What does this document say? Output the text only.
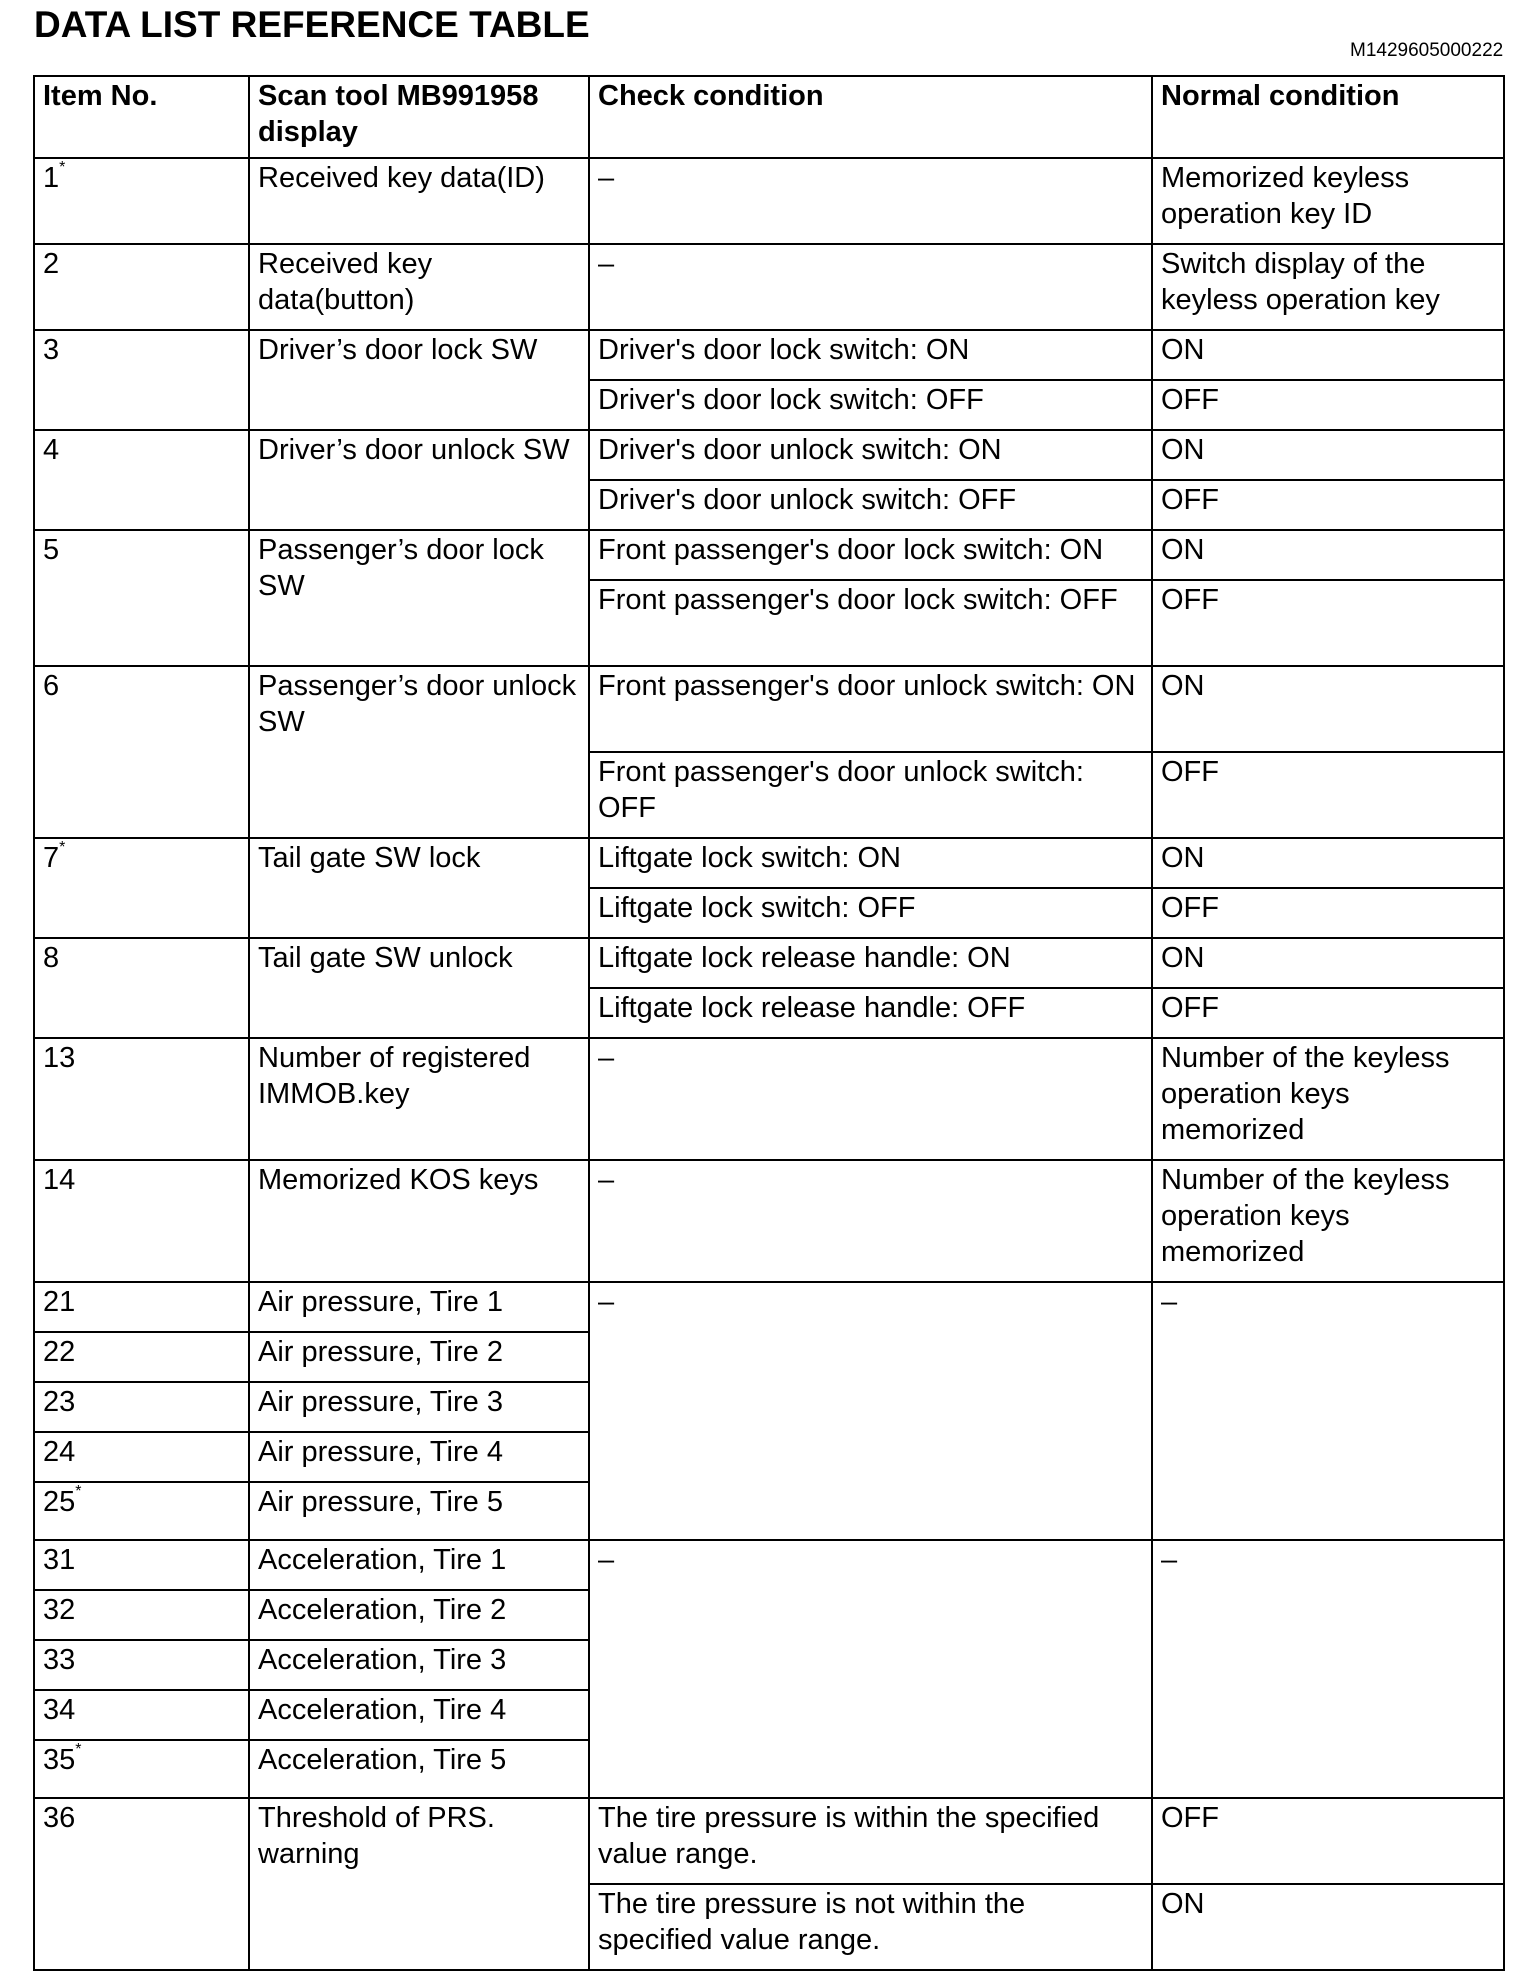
DATA LIST REFERENCE TABLE
M1429605000222
Item No.	Scan tool MB991958 display	Check condition	Normal condition
1*	Received key data(ID)	–	Memorized keyless operation key ID
2	Received key data(button)	–	Switch display of the keyless operation key
3	Driver’s door lock SW	Driver's door lock switch: ON	ON
		Driver's door lock switch: OFF	OFF
4	Driver’s door unlock SW	Driver's door unlock switch: ON	ON
		Driver's door unlock switch: OFF	OFF
5	Passenger’s door lock SW	Front passenger's door lock switch: ON	ON
		Front passenger's door lock switch: OFF	OFF
6	Passenger’s door unlock SW	Front passenger's door unlock switch: ON	ON
		Front passenger's door unlock switch: OFF	OFF
7*	Tail gate SW lock	Liftgate lock switch: ON	ON
		Liftgate lock switch: OFF	OFF
8	Tail gate SW unlock	Liftgate lock release handle: ON	ON
		Liftgate lock release handle: OFF	OFF
13	Number of registered IMMOB.key	–	Number of the keyless operation keys memorized
14	Memorized KOS keys	–	Number of the keyless operation keys memorized
21	Air pressure, Tire 1	–	–
22	Air pressure, Tire 2		
23	Air pressure, Tire 3		
24	Air pressure, Tire 4		
25*	Air pressure, Tire 5		
31	Acceleration, Tire 1	–	–
32	Acceleration, Tire 2		
33	Acceleration, Tire 3		
34	Acceleration, Tire 4		
35*	Acceleration, Tire 5		
36	Threshold of PRS. warning	The tire pressure is within the specified value range.	OFF
		The tire pressure is not within the specified value range.	ON
